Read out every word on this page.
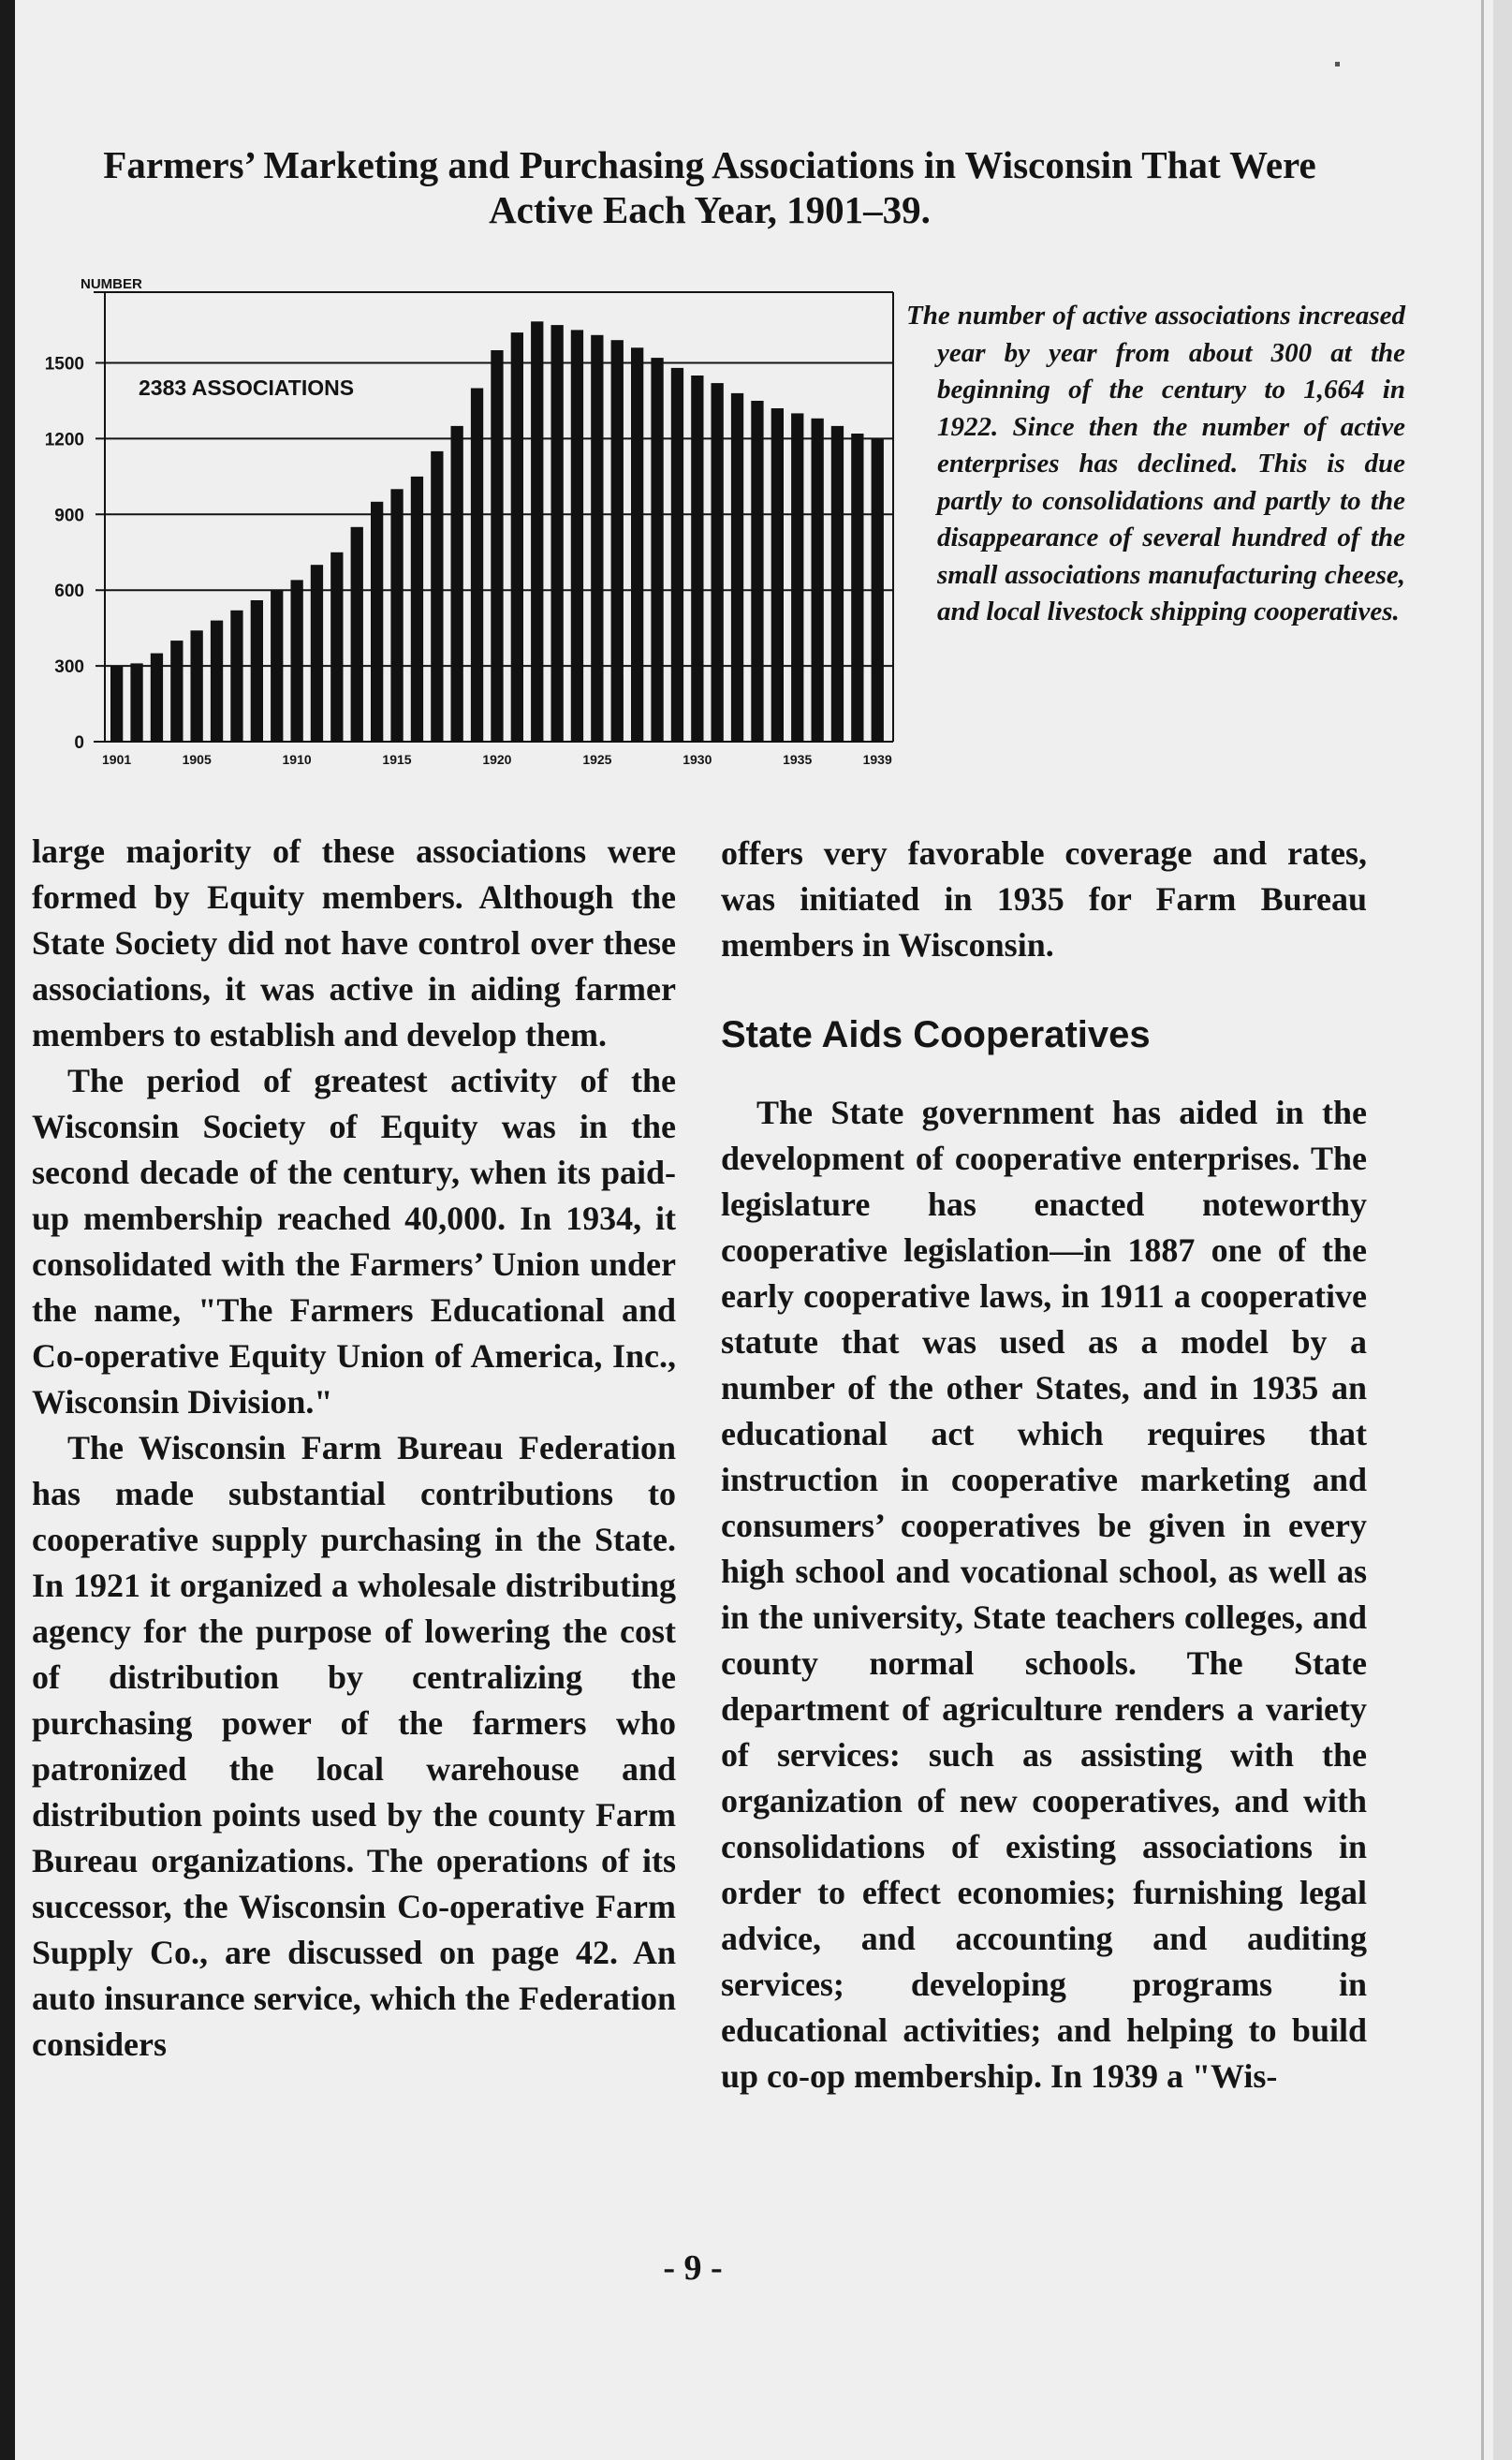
Farmers’ Marketing and Purchasing Associations in Wisconsin That Were
Active Each Year, 1901–39.
0
300
600
900
1200
1500
1901	1905	1910	1915	1920	1925	1930	1935	1939
NUMBER
2383 ASSOCIATIONS
The number of active associations increased year by year from about 300 at the beginning of the century to 1,664 in 1922. Since then the number of active enterprises has declined. This is due partly to consolidations and partly to the disappearance of several hundred of the small associations manufacturing cheese, and local livestock shipping cooperatives.

large majority of these associations were formed by Equity members. Although the State Society did not have control over these associations, it was active in aiding farmer members to establish and develop them.

The period of greatest activity of the Wisconsin Society of Equity was in the second decade of the century, when its paid-up membership reached 40,000. In 1934, it consolidated with the Farmers’ Union under the name, "The Farmers Educational and Co-operative Equity Union of America, Inc., Wisconsin Division."

The Wisconsin Farm Bureau Federation has made substantial contributions to cooperative supply purchasing in the State. In 1921 it organized a wholesale distributing agency for the purpose of lowering the cost of distribution by centralizing the purchasing power of the farmers who patronized the local warehouse and distribution points used by the county Farm Bureau organizations. The operations of its successor, the Wisconsin Co-operative Farm Supply Co., are discussed on page 42. An auto insurance service, which the Federation considers

offers very favorable coverage and rates, was initiated in 1935 for Farm Bureau members in Wisconsin.

State Aids Cooperatives

The State government has aided in the development of cooperative enterprises. The legislature has enacted noteworthy cooperative legislation—in 1887 one of the early cooperative laws, in 1911 a cooperative statute that was used as a model by a number of the other States, and in 1935 an educational act which requires that instruction in cooperative marketing and consumers’ cooperatives be given in every high school and vocational school, as well as in the university, State teachers colleges, and county normal schools. The State department of agriculture renders a variety of services: such as assisting with the organization of new cooperatives, and with consolidations of existing associations in order to effect economies; furnishing legal advice, and accounting and auditing services; developing programs in educational activities; and helping to build up co-op membership. In 1939 a "Wis-

- 9 -
